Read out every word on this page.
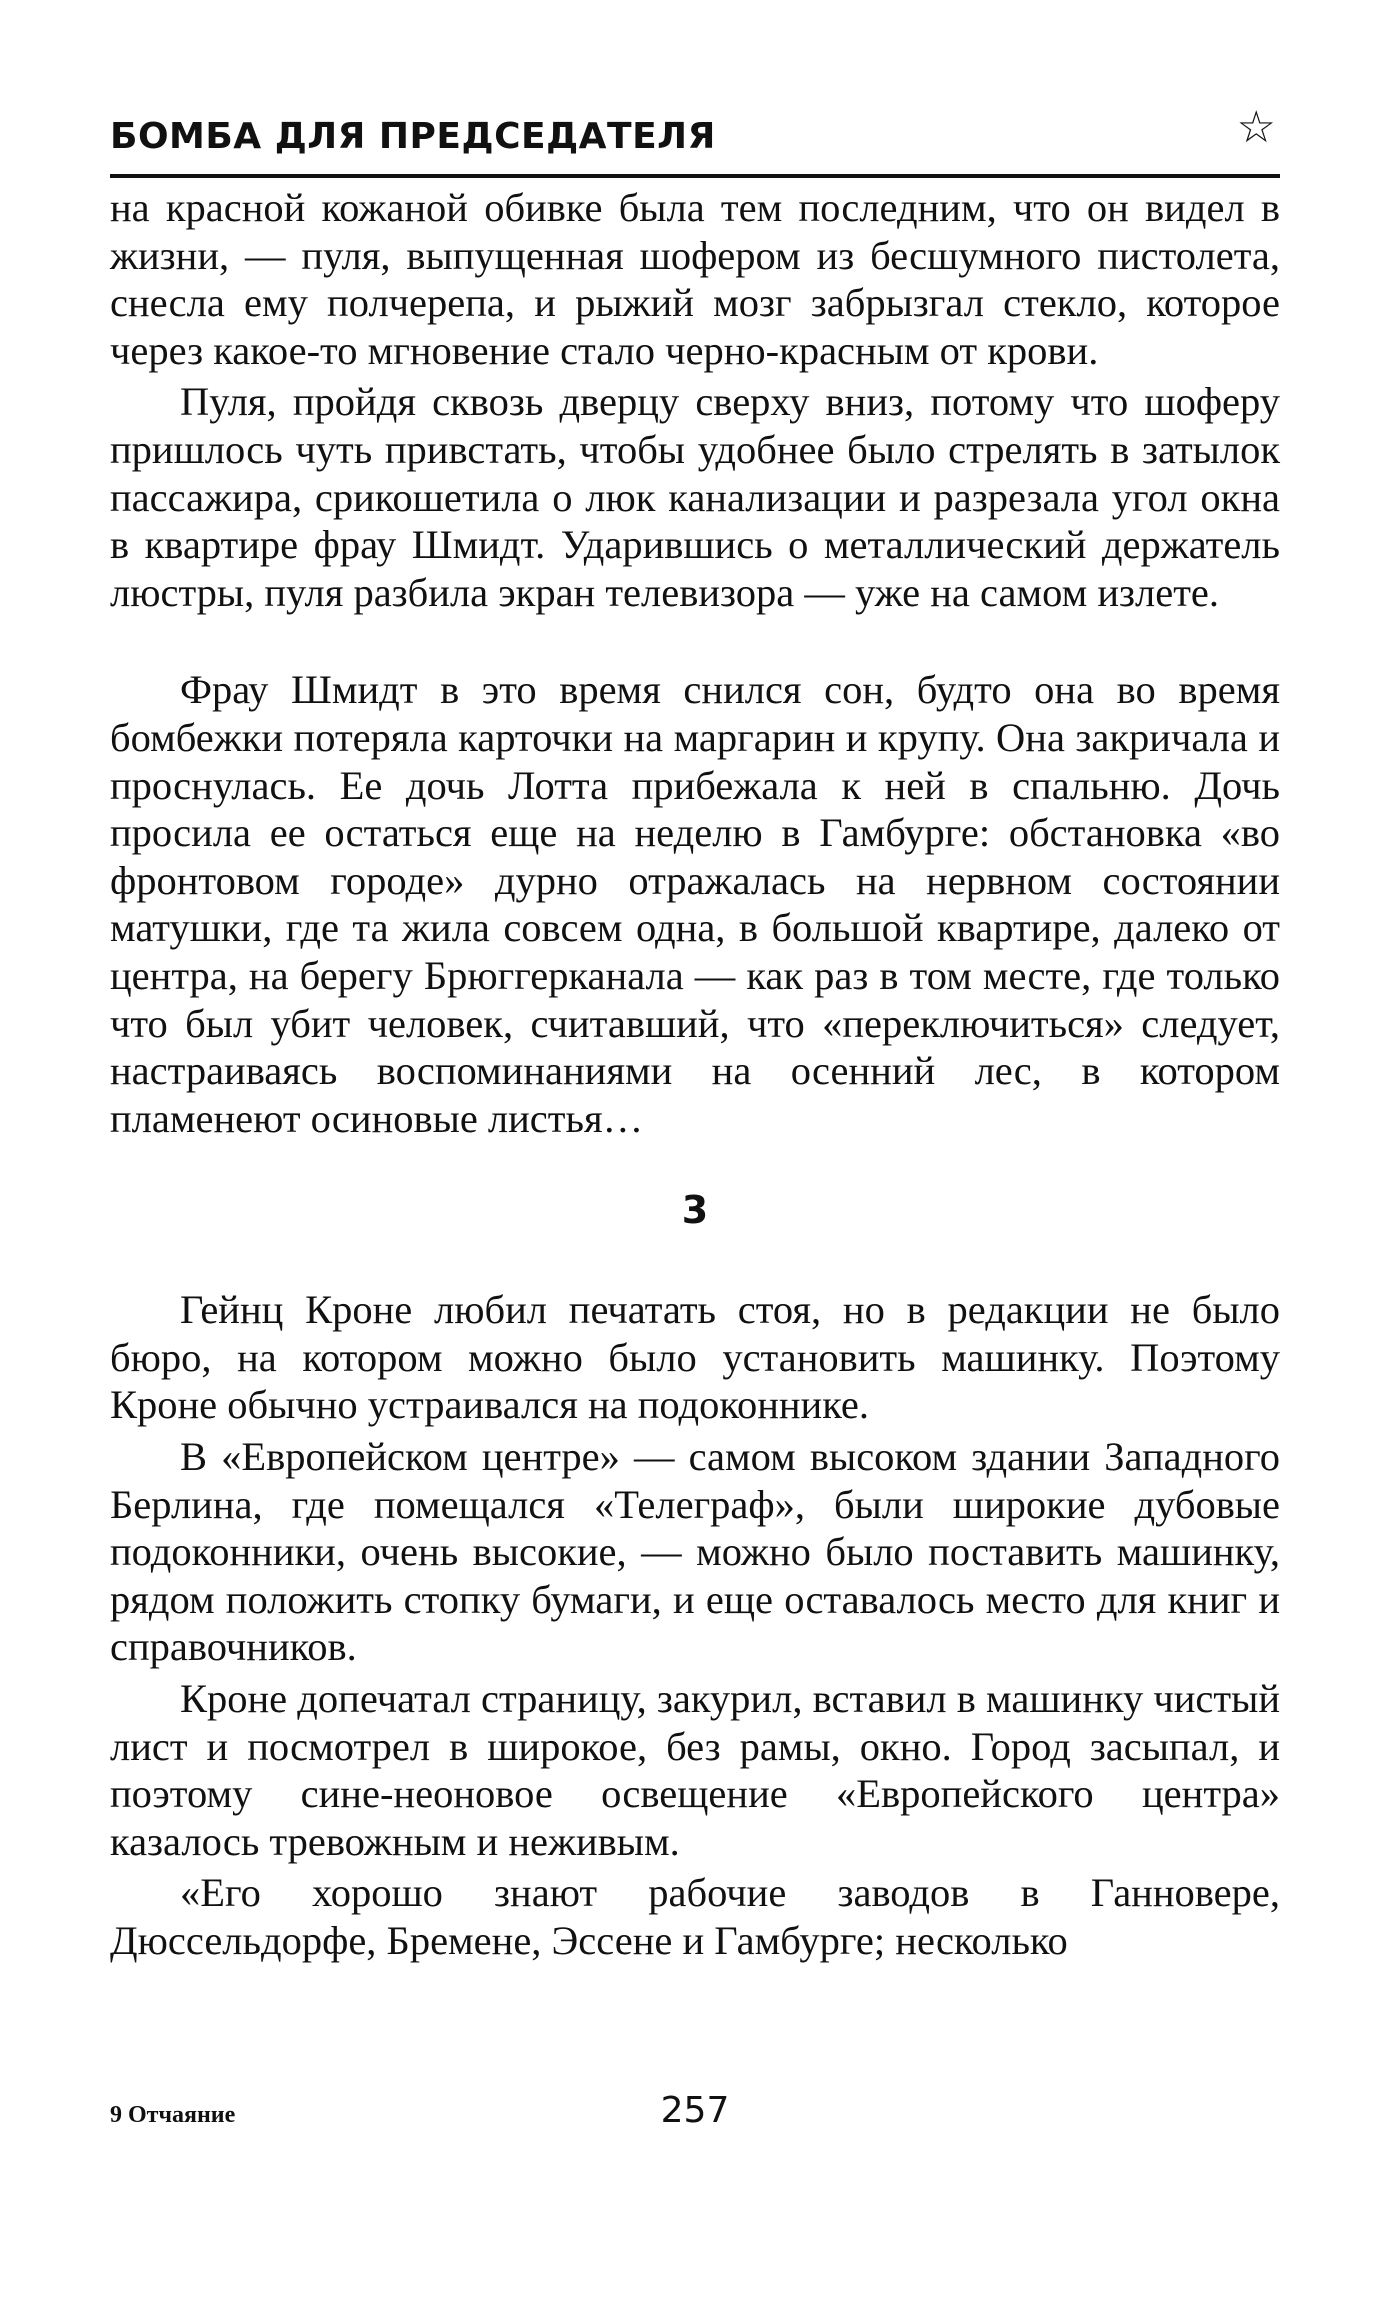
БОМБА ДЛЯ ПРЕДСЕДАТЕЛЯ	☆

на красной кожаной обивке была тем последним, что он видел в жизни, — пуля, выпущенная шофером из бесшумного пистолета, снесла ему полчерепа, и рыжий мозг забрызгал стекло, которое через какое-то мгновение стало черно-красным от крови.

Пуля, пройдя сквозь дверцу сверху вниз, потому что шоферу пришлось чуть привстать, чтобы удобнее было стрелять в затылок пассажира, срикошетила о люк канализации и разрезала угол окна в квартире фрау Шмидт. Ударившись о металлический держатель люстры, пуля разбила экран телевизора — уже на самом излете.

Фрау Шмидт в это время снился сон, будто она во время бомбежки потеряла карточки на маргарин и крупу. Она закричала и проснулась. Ее дочь Лотта прибежала к ней в спальню. Дочь просила ее остаться еще на неделю в Гамбурге: обстановка «во фронтовом городе» дурно отражалась на нервном состоянии матушки, где та жила совсем одна, в большой квартире, далеко от центра, на берегу Брюггерканала — как раз в том месте, где только что был убит человек, считавший, что «переключиться» следует, настраиваясь воспоминаниями на осенний лес, в котором пламенеют осиновые листья…

3

Гейнц Кроне любил печатать стоя, но в редакции не было бюро, на котором можно было установить машинку. Поэтому Кроне обычно устраивался на подоконнике.

В «Европейском центре» — самом высоком здании Западного Берлина, где помещался «Телеграф», были широкие дубовые подоконники, очень высокие, — можно было поставить машинку, рядом положить стопку бумаги, и еще оставалось место для книг и справочников.

Кроне допечатал страницу, закурил, вставил в машинку чистый лист и посмотрел в широкое, без рамы, окно. Город засыпал, и поэтому сине-неоновое освещение «Европейского центра» казалось тревожным и неживым.

«Его хорошо знают рабочие заводов в Ганновере, Дюссельдорфе, Бремене, Эссене и Гамбурге; несколько

9 Отчаяние	257
